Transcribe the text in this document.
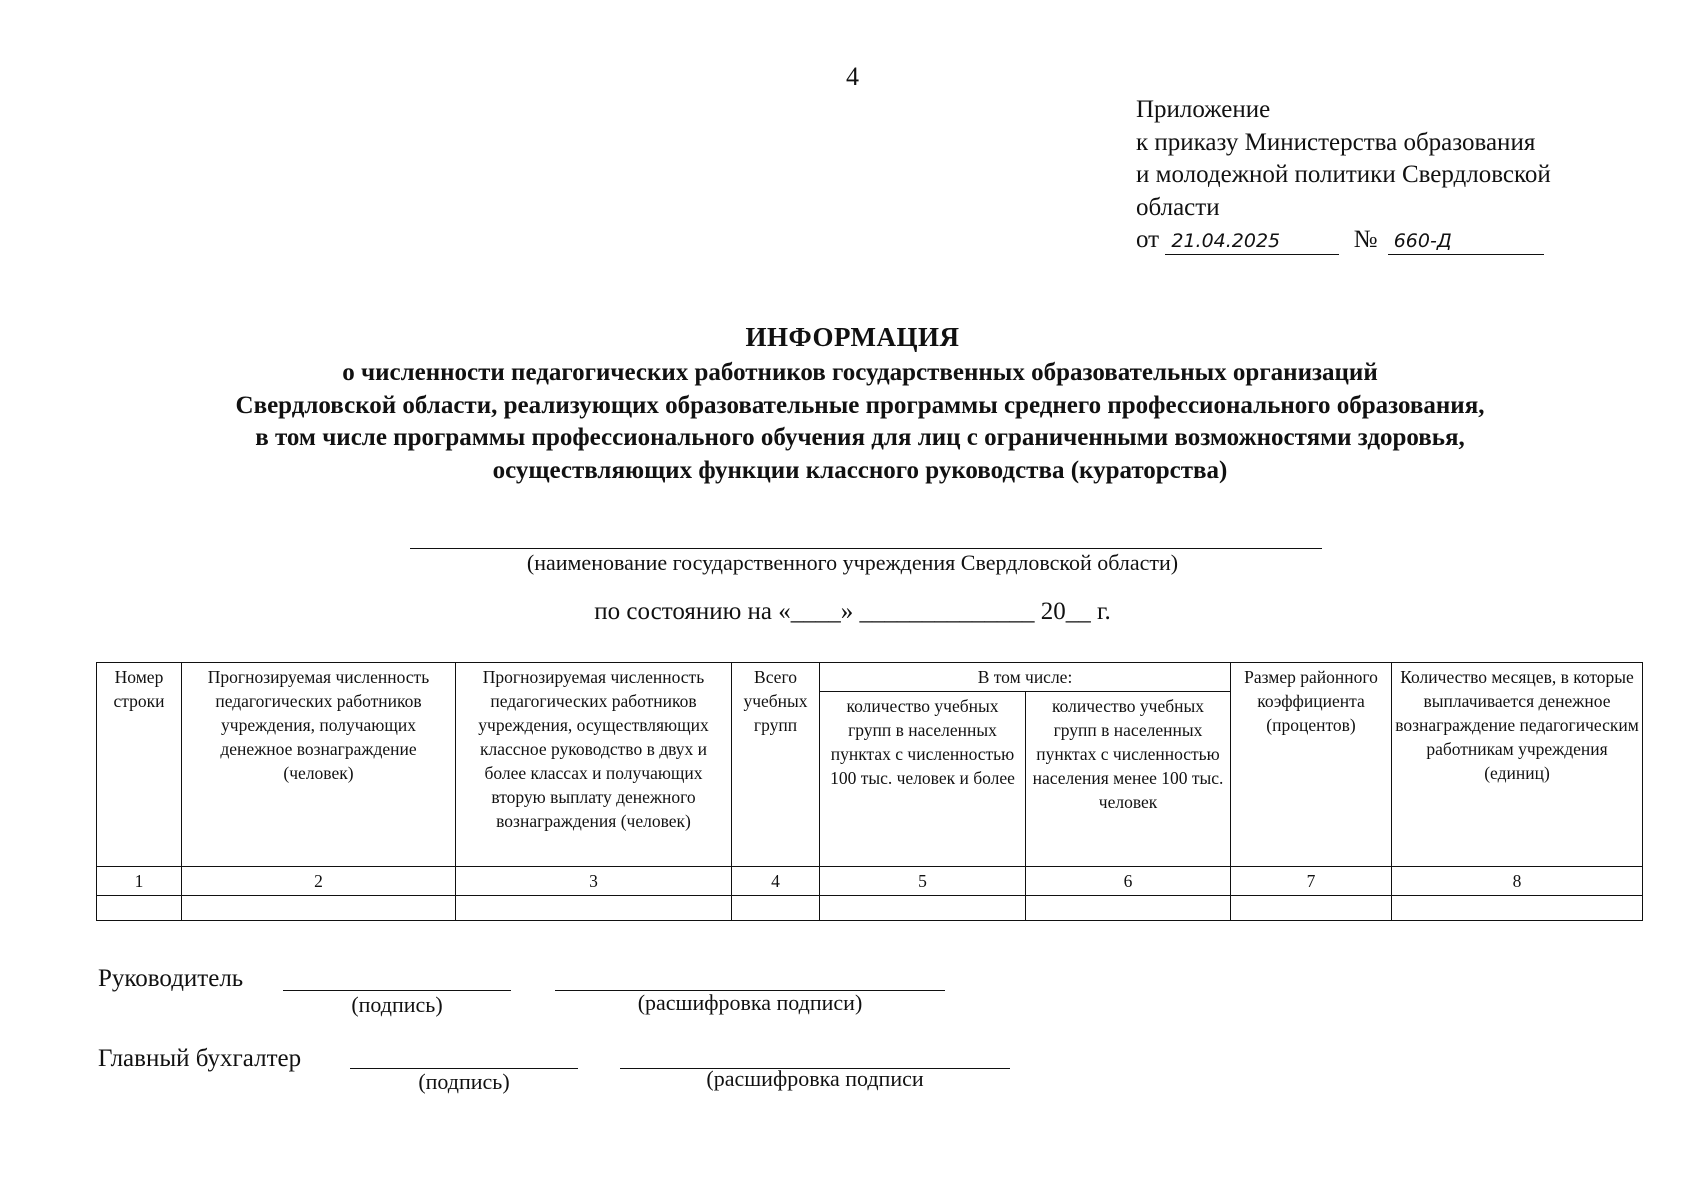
4
Приложение
к приказу Министерства образования
и молодежной политики Свердловской
области
от 21.04.2025	№ 660-Д
ИНФОРМАЦИЯ
о численности педагогических работников государственных образовательных организаций
Свердловской области, реализующих образовательные программы среднего профессионального образования,
в том числе программы профессионального обучения для лиц с ограниченными возможностями здоровья,
осуществляющих функции классного руководства (кураторства)
(наименование государственного учреждения Свердловской области)
по состоянию на «____» ______________ 20__ г.
Номер строки	Прогнозируемая численность педагогических работников учреждения, получающих денежное вознаграждение (человек)	Прогнозируемая численность педагогических работников учреждения, осуществляющих классное руководство в двух и более классах и получающих вторую выплату денежного вознаграждения (человек)	Всего учебных групп	В том числе:		Размер районного коэффициента (процентов)	Количество месяцев, в которые выплачивается денежное вознаграждение педагогическим работникам учреждения (единиц)
				количество учебных групп в населенных пунктах с численностью 100 тыс. человек и более	количество учебных групп в населенных пунктах с численностью населения менее 100 тыс. человек		
1	2	3	4	5	6	7	8

Руководитель
(подпись)	(расшифровка подписи)
Главный бухгалтер
(подпись)	(расшифровка подписи
